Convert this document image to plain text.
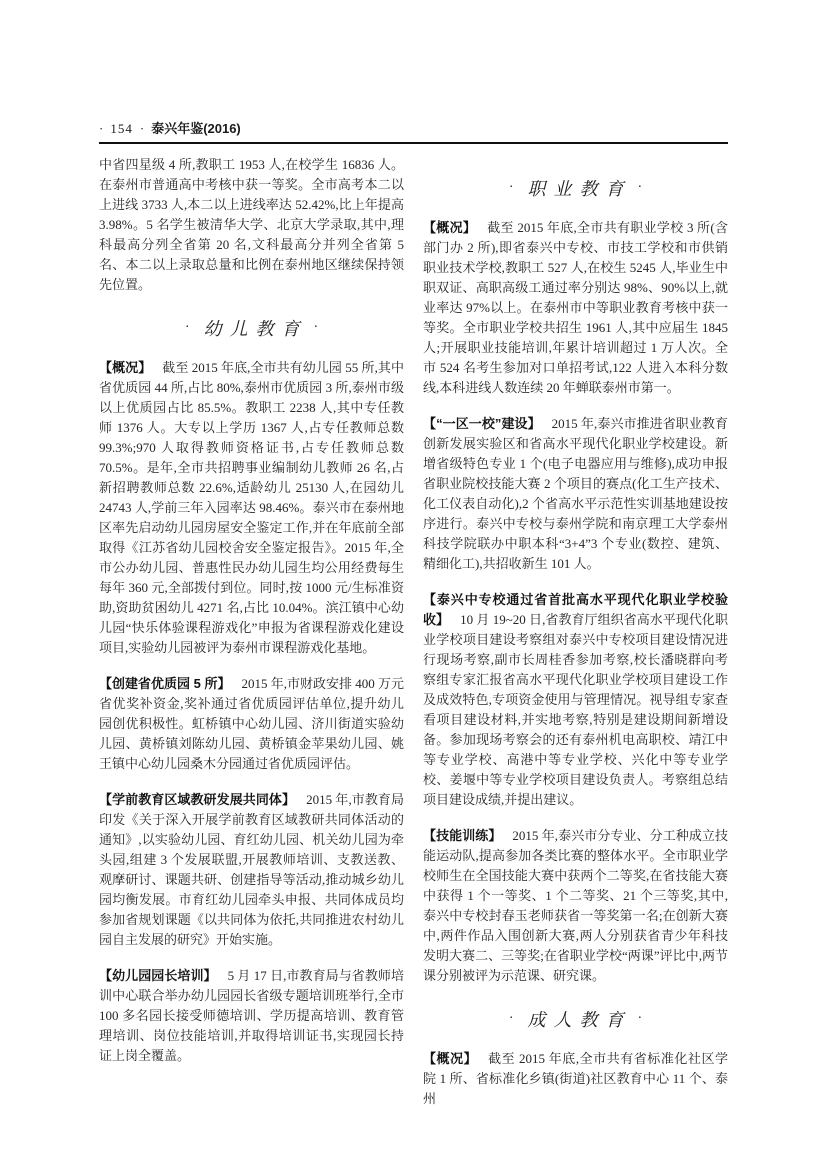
· 154 · 泰兴年鉴(2016)

中省四星级 4 所,教职工 1953 人,在校学生 16836 人。在泰州市普通高中考核中获一等奖。全市高考本二以上进线 3733 人,本二以上进线率达 52.42%,比上年提高 3.98%。5 名学生被清华大学、北京大学录取,其中,理科最高分列全省第 20 名,文科最高分并列全省第 5 名、本二以上录取总量和比例在泰州地区继续保持领先位置。

· 幼儿教育 ·

【概况】 截至 2015 年底,全市共有幼儿园 55 所,其中省优质园 44 所,占比 80%,泰州市优质园 3 所,泰州市级以上优质园占比 85.5%。教职工 2238 人,其中专任教师 1376 人。大专以上学历 1367 人,占专任教师总数 99.3%;970 人取得教师资格证书,占专任教师总数 70.5%。是年,全市共招聘事业编制幼儿教师 26 名,占新招聘教师总数 22.6%,适龄幼儿 25130 人,在园幼儿 24743 人,学前三年入园率达 98.46%。泰兴市在泰州地区率先启动幼儿园房屋安全鉴定工作,并在年底前全部取得《江苏省幼儿园校舍安全鉴定报告》。2015 年,全市公办幼儿园、普惠性民办幼儿园生均公用经费每生每年 360 元,全部拨付到位。同时,按 1000 元/生标准资助,资助贫困幼儿 4271 名,占比 10.04%。滨江镇中心幼儿园“快乐体验课程游戏化”申报为省课程游戏化建设项目,实验幼儿园被评为泰州市课程游戏化基地。

【创建省优质园 5 所】 2015 年,市财政安排 400 万元省优奖补资金,奖补通过省优质园评估单位,提升幼儿园创优积极性。虹桥镇中心幼儿园、济川街道实验幼儿园、黄桥镇刘陈幼儿园、黄桥镇金苹果幼儿园、姚王镇中心幼儿园桑木分园通过省优质园评估。

【学前教育区域教研发展共同体】 2015 年,市教育局印发《关于深入开展学前教育区域教研共同体活动的通知》,以实验幼儿园、育红幼儿园、机关幼儿园为牵头园,组建 3 个发展联盟,开展教师培训、支教送教、观摩研讨、课题共研、创建指导等活动,推动城乡幼儿园均衡发展。市育红幼儿园牵头申报、共同体成员均参加省规划课题《以共同体为依托,共同推进农村幼儿园自主发展的研究》开始实施。

【幼儿园园长培训】 5 月 17 日,市教育局与省教师培训中心联合举办幼儿园园长省级专题培训班举行,全市 100 多名园长接受师德培训、学历提高培训、教育管理培训、岗位技能培训,并取得培训证书,实现园长持证上岗全覆盖。

· 职业教育 ·

【概况】 截至 2015 年底,全市共有职业学校 3 所(含部门办 2 所),即省泰兴中专校、市技工学校和市供销职业技术学校,教职工 527 人,在校生 5245 人,毕业生中职双证、高职高级工通过率分别达 98%、90%以上,就业率达 97%以上。在泰州市中等职业教育考核中获一等奖。全市职业学校共招生 1961 人,其中应届生 1845 人;开展职业技能培训,年累计培训超过 1 万人次。全市 524 名考生参加对口单招考试,122 人进入本科分数线,本科进线人数连续 20 年蝉联泰州市第一。

【“一区一校”建设】 2015 年,泰兴市推进省职业教育创新发展实验区和省高水平现代化职业学校建设。新增省级特色专业 1 个(电子电器应用与维修),成功申报省职业院校技能大赛 2 个项目的赛点(化工生产技术、化工仪表自动化),2 个省高水平示范性实训基地建设按序进行。泰兴中专校与泰州学院和南京理工大学泰州科技学院联办中职本科“3+4”3 个专业(数控、建筑、精细化工),共招收新生 101 人。

【泰兴中专校通过省首批高水平现代化职业学校验收】 10 月 19~20 日,省教育厅组织省高水平现代化职业学校项目建设考察组对泰兴中专校项目建设情况进行现场考察,副市长周桂香参加考察,校长潘晓群向考察组专家汇报省高水平现代化职业学校项目建设工作及成效特色,专项资金使用与管理情况。视导组专家查看项目建设材料,并实地考察,特别是建设期间新增设备。参加现场考察会的还有泰州机电高职校、靖江中等专业学校、高港中等专业学校、兴化中等专业学校、姜堰中等专业学校项目建设负责人。考察组总结项目建设成绩,并提出建议。

【技能训练】 2015 年,泰兴市分专业、分工种成立技能运动队,提高参加各类比赛的整体水平。全市职业学校师生在全国技能大赛中获两个二等奖,在省技能大赛中获得 1 个一等奖、1 个二等奖、21 个三等奖,其中,泰兴中专校封春玉老师获省一等奖第一名;在创新大赛中,两件作品入围创新大赛,两人分别获省青少年科技发明大赛二、三等奖;在省职业学校“两课”评比中,两节课分别被评为示范课、研究课。

· 成人教育 ·

【概况】 截至 2015 年底,全市共有省标准化社区学院 1 所、省标准化乡镇(街道)社区教育中心 11 个、泰州
